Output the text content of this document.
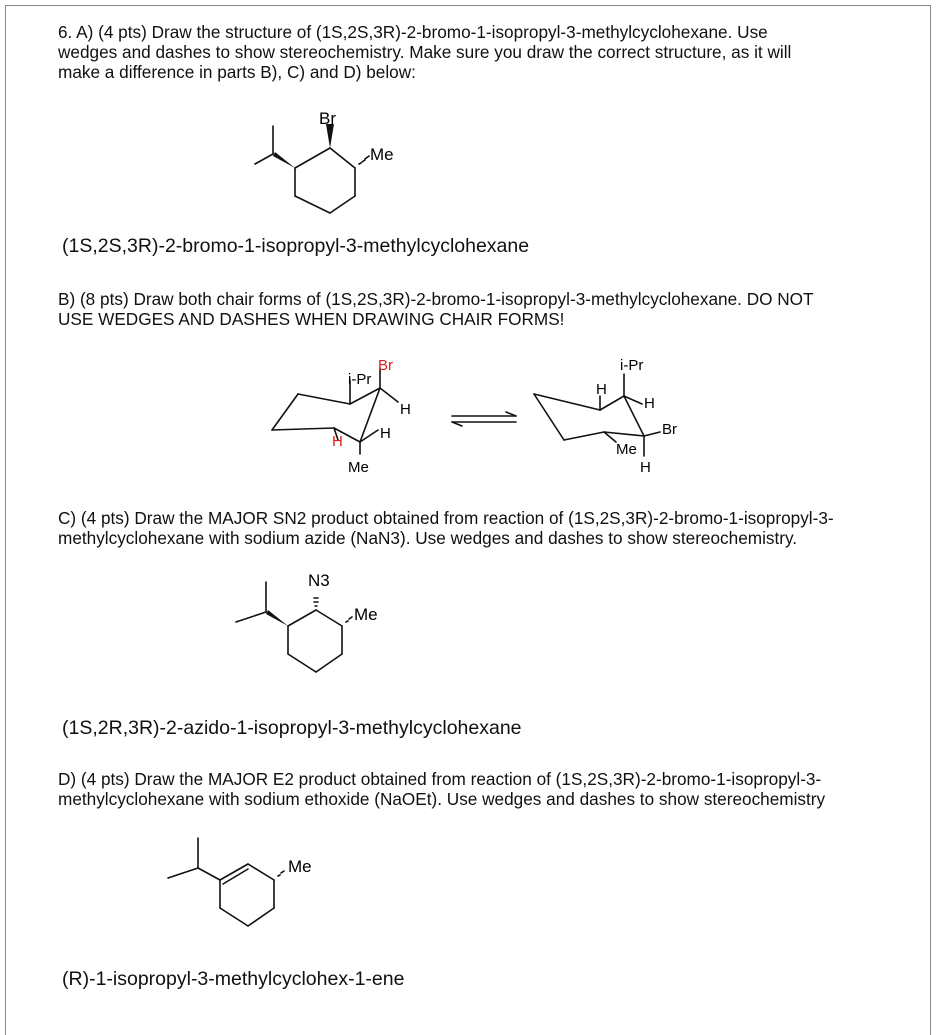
6. A) (4 pts) Draw the structure of (1S,2S,3R)-2-bromo-1-isopropyl-3-methylcyclohexane. Use
wedges and dashes to show stereochemistry. Make sure you draw the correct structure, as it will
make a difference in parts B), C) and D) below:
Br
Me
(1S,2S,3R)-2-bromo-1-isopropyl-3-methylcyclohexane
B) (8 pts) Draw both chair forms of (1S,2S,3R)-2-bromo-1-isopropyl-3-methylcyclohexane. DO NOT
USE WEDGES AND DASHES WHEN DRAWING CHAIR FORMS!
i-Pr
Br
H
H
H
Me
i-Pr
H
H
Br
H
Me
C) (4 pts) Draw the MAJOR SN2 product obtained from reaction of (1S,2S,3R)-2-bromo-1-isopropyl-3-
methylcyclohexane with sodium azide (NaN3). Use wedges and dashes to show stereochemistry.
N3
Me
(1S,2R,3R)-2-azido-1-isopropyl-3-methylcyclohexane
D) (4 pts) Draw the MAJOR E2 product obtained from reaction of (1S,2S,3R)-2-bromo-1-isopropyl-3-
methylcyclohexane with sodium ethoxide (NaOEt). Use wedges and dashes to show stereochemistry
Me
(R)-1-isopropyl-3-methylcyclohex-1-ene
